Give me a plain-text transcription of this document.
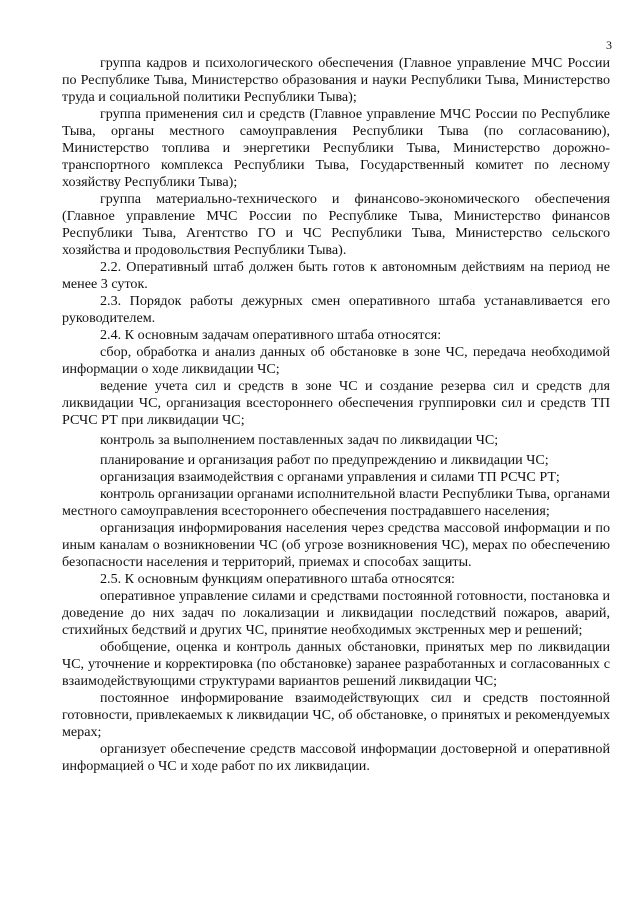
3

группа кадров и психологического обеспечения (Главное управление МЧС России по Республике Тыва, Министерство образования и науки Республики Тыва, Министерство труда и социальной политики Республики Тыва);

группа применения сил и средств (Главное управление МЧС России по Республике Тыва, органы местного самоуправления Республики Тыва (по согласованию), Министерство топлива и энергетики Республики Тыва, Министерство дорожно-транспортного комплекса Республики Тыва, Государственный комитет по лесному хозяйству Республики Тыва);

группа материально-технического и финансово-экономического обеспечения (Главное управление МЧС России по Республике Тыва, Министерство финансов Республики Тыва, Агентство ГО и ЧС Республики Тыва, Министерство сельского хозяйства и продовольствия Республики Тыва).

2.2. Оперативный штаб должен быть готов к автономным действиям на период не менее 3 суток.

2.3. Порядок работы дежурных смен оперативного штаба устанавливается его руководителем.

2.4. К основным задачам оперативного штаба относятся:

сбор, обработка и анализ данных об обстановке в зоне ЧС, передача необходимой информации о ходе ликвидации ЧС;

ведение учета сил и средств в зоне ЧС и создание резерва сил и средств для ликвидации ЧС, организация всестороннего обеспечения группировки сил и средств ТП РСЧС РТ при ликвидации ЧС;

контроль за выполнением поставленных задач по ликвидации ЧС;

планирование и организация работ по предупреждению и ликвидации ЧС;

организация взаимодействия с органами управления и силами ТП РСЧС РТ;

контроль организации органами исполнительной власти Республики Тыва, органами местного самоуправления всестороннего обеспечения пострадавшего населения;

организация информирования населения через средства массовой информации и по иным каналам о возникновении ЧС (об угрозе возникновения ЧС), мерах по обеспечению безопасности населения и территорий, приемах и способах защиты.

2.5. К основным функциям оперативного штаба относятся:

оперативное управление силами и средствами постоянной готовности, постановка и доведение до них задач по локализации и ликвидации последствий пожаров, аварий, стихийных бедствий и других ЧС, принятие необходимых экстренных мер и решений;

обобщение, оценка и контроль данных обстановки, принятых мер по ликвидации ЧС, уточнение и корректировка (по обстановке) заранее разработанных и согласованных с взаимодействующими структурами вариантов решений ликвидации ЧС;

постоянное информирование взаимодействующих сил и средств постоянной готовности, привлекаемых к ликвидации ЧС, об обстановке, о принятых и рекомендуемых мерах;

организует обеспечение средств массовой информации достоверной и оперативной информацией о ЧС и ходе работ по их ликвидации.
